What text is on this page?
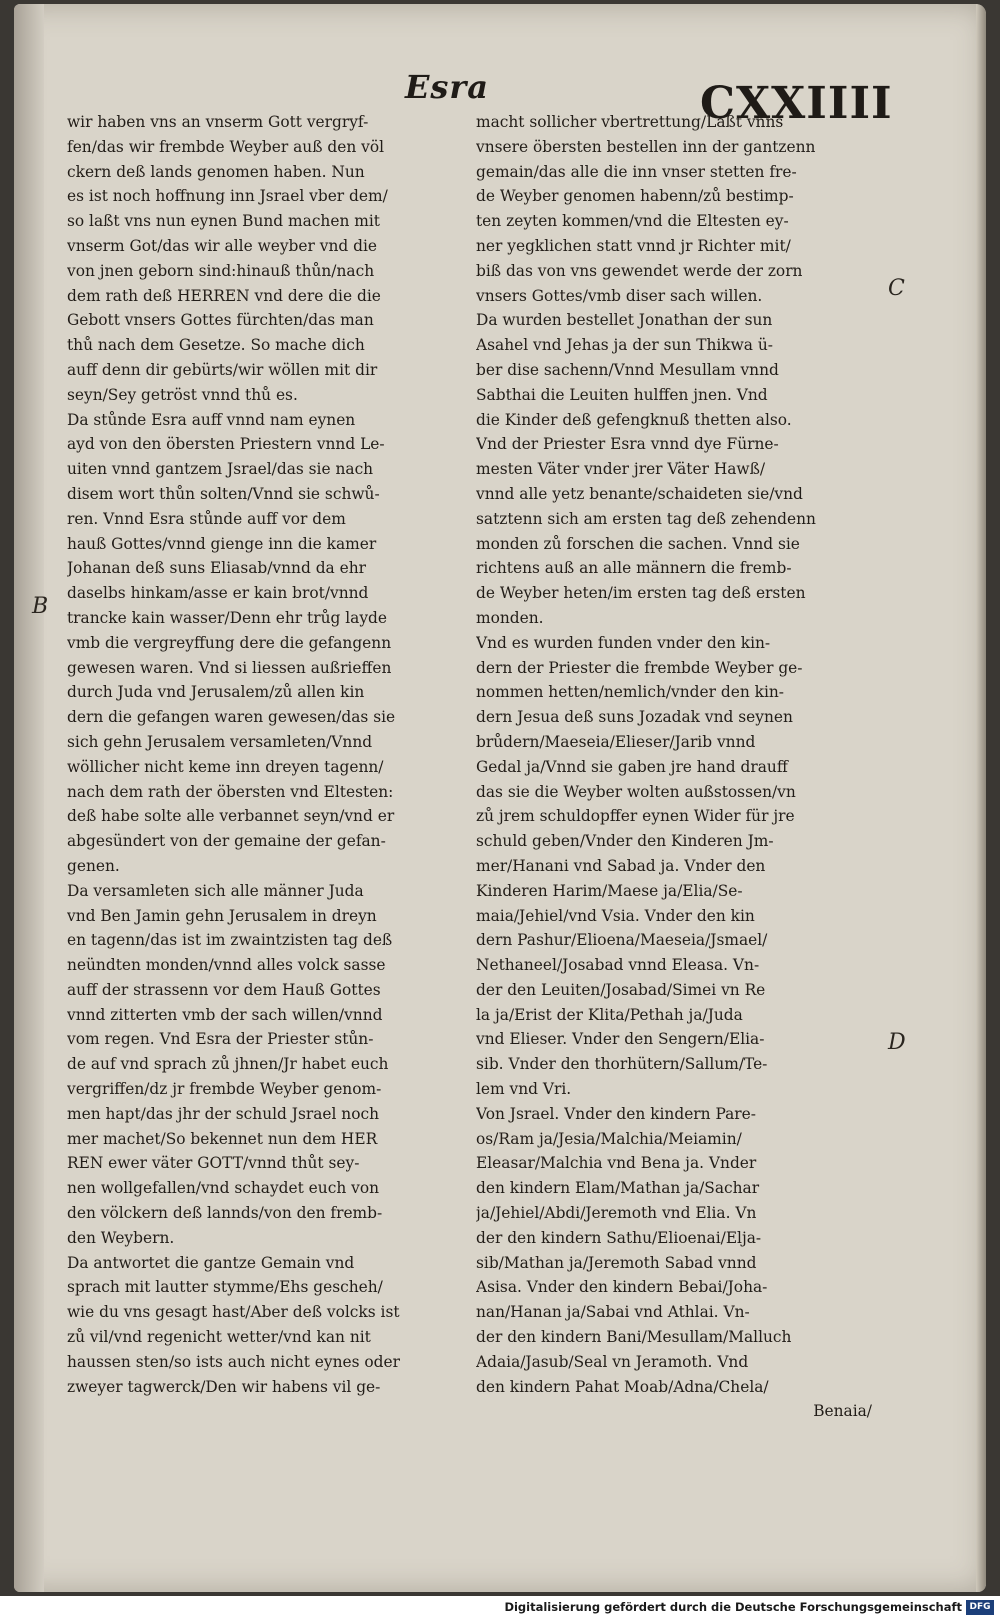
Esra	CXXIIII
B
C
D
wir haben vns an vnserm Gott vergryf-
fen/das wir frembde Weyber auß den völ
ckern deß lands genomen haben. Nun
es ist noch hoffnung inn Jsrael vber dem/
so laßt vns nun eynen Bund machen mit
vnserm Got/das wir alle weyber vnd die
von jnen geborn sind:hinauß thůn/nach
dem rath deß HERREN vnd dere die die
Gebott vnsers Gottes fürchten/das man
thů nach dem Gesetze. So mache dich
auff denn dir gebürts/wir wöllen mit dir
seyn/Sey getröst vnnd thů es.
Da stůnde Esra auff vnnd nam eynen
ayd von den öbersten Priestern vnnd Le-
uiten vnnd gantzem Jsrael/das sie nach
disem wort thůn solten/Vnnd sie schwů-
ren. Vnnd Esra stůnde auff vor dem
hauß Gottes/vnnd gienge inn die kamer
Johanan deß suns Eliasab/vnnd da ehr
daselbs hinkam/asse er kain brot/vnnd
trancke kain wasser/Denn ehr trůg layde
vmb die vergreyffung dere die gefangenn
gewesen waren. Vnd si liessen außrieffen
durch Juda vnd Jerusalem/zů allen kin
dern die gefangen waren gewesen/das sie
sich gehn Jerusalem versamleten/Vnnd
wöllicher nicht keme inn dreyen tagenn/
nach dem rath der öbersten vnd Eltesten:
deß habe solte alle verbannet seyn/vnd er
abgesündert von der gemaine der gefan-
genen.
Da versamleten sich alle männer Juda
vnd Ben Jamin gehn Jerusalem in dreyn
en tagenn/das ist im zwaintzisten tag deß
neündten monden/vnnd alles volck sasse
auff der strassenn vor dem Hauß Gottes
vnnd zitterten vmb der sach willen/vnnd
vom regen. Vnd Esra der Priester stůn-
de auf vnd sprach zů jhnen/Jr habet euch
vergriffen/dz jr frembde Weyber genom-
men hapt/das jhr der schuld Jsrael noch
mer machet/So bekennet nun dem HER
REN ewer väter GOTT/vnnd thůt sey-
nen wollgefallen/vnd schaydet euch von
den völckern deß lannds/von den fremb-
den Weybern.
Da antwortet die gantze Gemain vnd
sprach mit lautter stymme/Ehs gescheh/
wie du vns gesagt hast/Aber deß volcks ist
zů vil/vnd regenicht wetter/vnd kan nit
haussen sten/so ists auch nicht eynes oder
zweyer tagwerck/Den wir habens vil ge-
macht sollicher vbertrettung/Laßt vnns
vnsere öbersten bestellen inn der gantzenn
gemain/das alle die inn vnser stetten fre-
de Weyber genomen habenn/zů bestimp-
ten zeyten kommen/vnd die Eltesten ey-
ner yegklichen statt vnnd jr Richter mit/
biß das von vns gewendet werde der zorn
vnsers Gottes/vmb diser sach willen.
Da wurden bestellet Jonathan der sun
Asahel vnd Jehas ja der sun Thikwa ü-
ber dise sachenn/Vnnd Mesullam vnnd
Sabthai die Leuiten hulffen jnen. Vnd
die Kinder deß gefengknuß thetten also.
Vnd der Priester Esra vnnd dye Fürne-
mesten Väter vnder jrer Väter Hawß/
vnnd alle yetz benante/schaideten sie/vnd
satztenn sich am ersten tag deß zehendenn
monden zů forschen die sachen. Vnnd sie
richtens auß an alle männern die fremb-
de Weyber heten/im ersten tag deß ersten
monden.
Vnd es wurden funden vnder den kin-
dern der Priester die frembde Weyber ge-
nommen hetten/nemlich/vnder den kin-
dern Jesua deß suns Jozadak vnd seynen
brůdern/Maeseia/Elieser/Jarib vnnd
Gedal ja/Vnnd sie gaben jre hand drauff
das sie die Weyber wolten außstossen/vn
zů jrem schuldopffer eynen Wider für jre
schuld geben/Vnder den Kinderen Jm-
mer/Hanani vnd Sabad ja. Vnder den
Kinderen Harim/Maese ja/Elia/Se-
maia/Jehiel/vnd Vsia. Vnder den kin
dern Pashur/Elioena/Maeseia/Jsmael/
Nethaneel/Josabad vnnd Eleasa. Vn-
der den Leuiten/Josabad/Simei vn Re
la ja/Erist der Klita/Pethah ja/Juda
vnd Elieser. Vnder den Sengern/Elia-
sib. Vnder den thorhütern/Sallum/Te-
lem vnd Vri.
Von Jsrael. Vnder den kindern Pare-
os/Ram ja/Jesia/Malchia/Meiamin/
Eleasar/Malchia vnd Bena ja. Vnder
den kindern Elam/Mathan ja/Sachar
ja/Jehiel/Abdi/Jeremoth vnd Elia. Vn
der den kindern Sathu/Elioenai/Elja-
sib/Mathan ja/Jeremoth Sabad vnnd
Asisa. Vnder den kindern Bebai/Joha-
nan/Hanan ja/Sabai vnd Athlai. Vn-
der den kindern Bani/Mesullam/Malluch
Adaia/Jasub/Seal vn Jeramoth. Vnd
den kindern Pahat Moab/Adna/Chela/
Benaia/
Digitalisierung gefördert durch die Deutsche Forschungsgemeinschaft DFG
